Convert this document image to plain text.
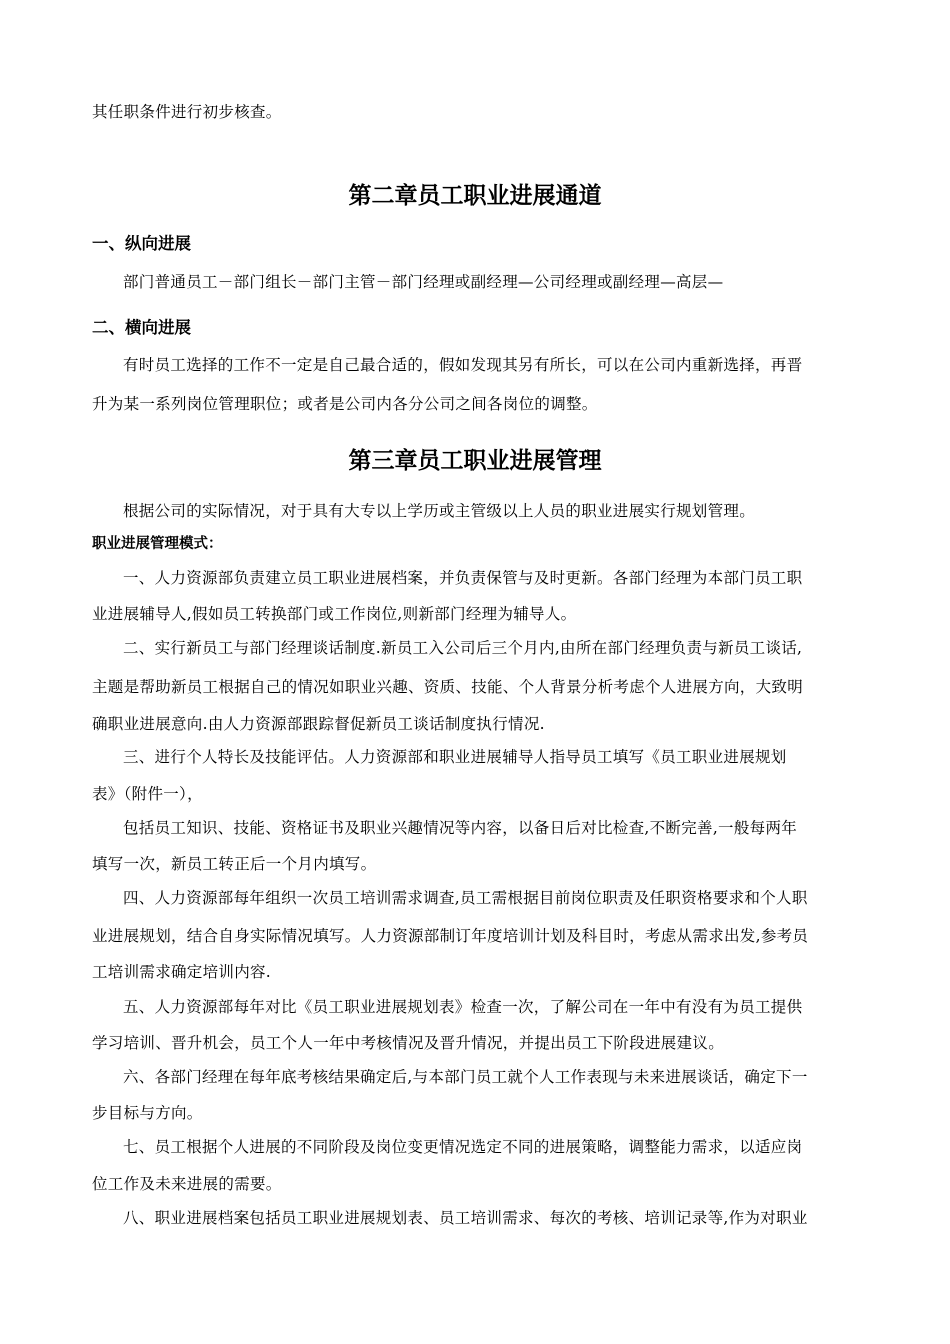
其任职条件进行初步核查。
第二章员工职业进展通道
一、纵向进展
部门普通员工－部门组长－部门主管－部门经理或副经理—公司经理或副经理—高层—
二、横向进展
有时员工选择的工作不一定是自己最合适的，假如发现其另有所长，可以在公司内重新选择，再晋
升为某一系列岗位管理职位；或者是公司内各分公司之间各岗位的调整。
第三章员工职业进展管理
根据公司的实际情况，对于具有大专以上学历或主管级以上人员的职业进展实行规划管理。
职业进展管理模式：
一、人力资源部负责建立员工职业进展档案，并负责保管与及时更新。各部门经理为本部门员工职
业进展辅导人,假如员工转换部门或工作岗位,则新部门经理为辅导人。
二、实行新员工与部门经理谈话制度.新员工入公司后三个月内,由所在部门经理负责与新员工谈话,
主题是帮助新员工根据自己的情况如职业兴趣、资质、技能、个人背景分析考虑个人进展方向，大致明
确职业进展意向.由人力资源部跟踪督促新员工谈话制度执行情况.
三、进行个人特长及技能评估。人力资源部和职业进展辅导人指导员工填写《员工职业进展规划
表》（附件一），
包括员工知识、技能、资格证书及职业兴趣情况等内容，以备日后对比检查,不断完善,一般每两年
填写一次，新员工转正后一个月内填写。
四、人力资源部每年组织一次员工培训需求调查,员工需根据目前岗位职责及任职资格要求和个人职
业进展规划，结合自身实际情况填写。人力资源部制订年度培训计划及科目时，考虑从需求出发,参考员
工培训需求确定培训内容.
五、人力资源部每年对比《员工职业进展规划表》检查一次，了解公司在一年中有没有为员工提供
学习培训、晋升机会，员工个人一年中考核情况及晋升情况，并提出员工下阶段进展建议。
六、各部门经理在每年底考核结果确定后,与本部门员工就个人工作表现与未来进展谈话，确定下一
步目标与方向。
七、员工根据个人进展的不同阶段及岗位变更情况选定不同的进展策略，调整能力需求，以适应岗
位工作及未来进展的需要。
八、职业进展档案包括员工职业进展规划表、员工培训需求、每次的考核、培训记录等,作为对职业
